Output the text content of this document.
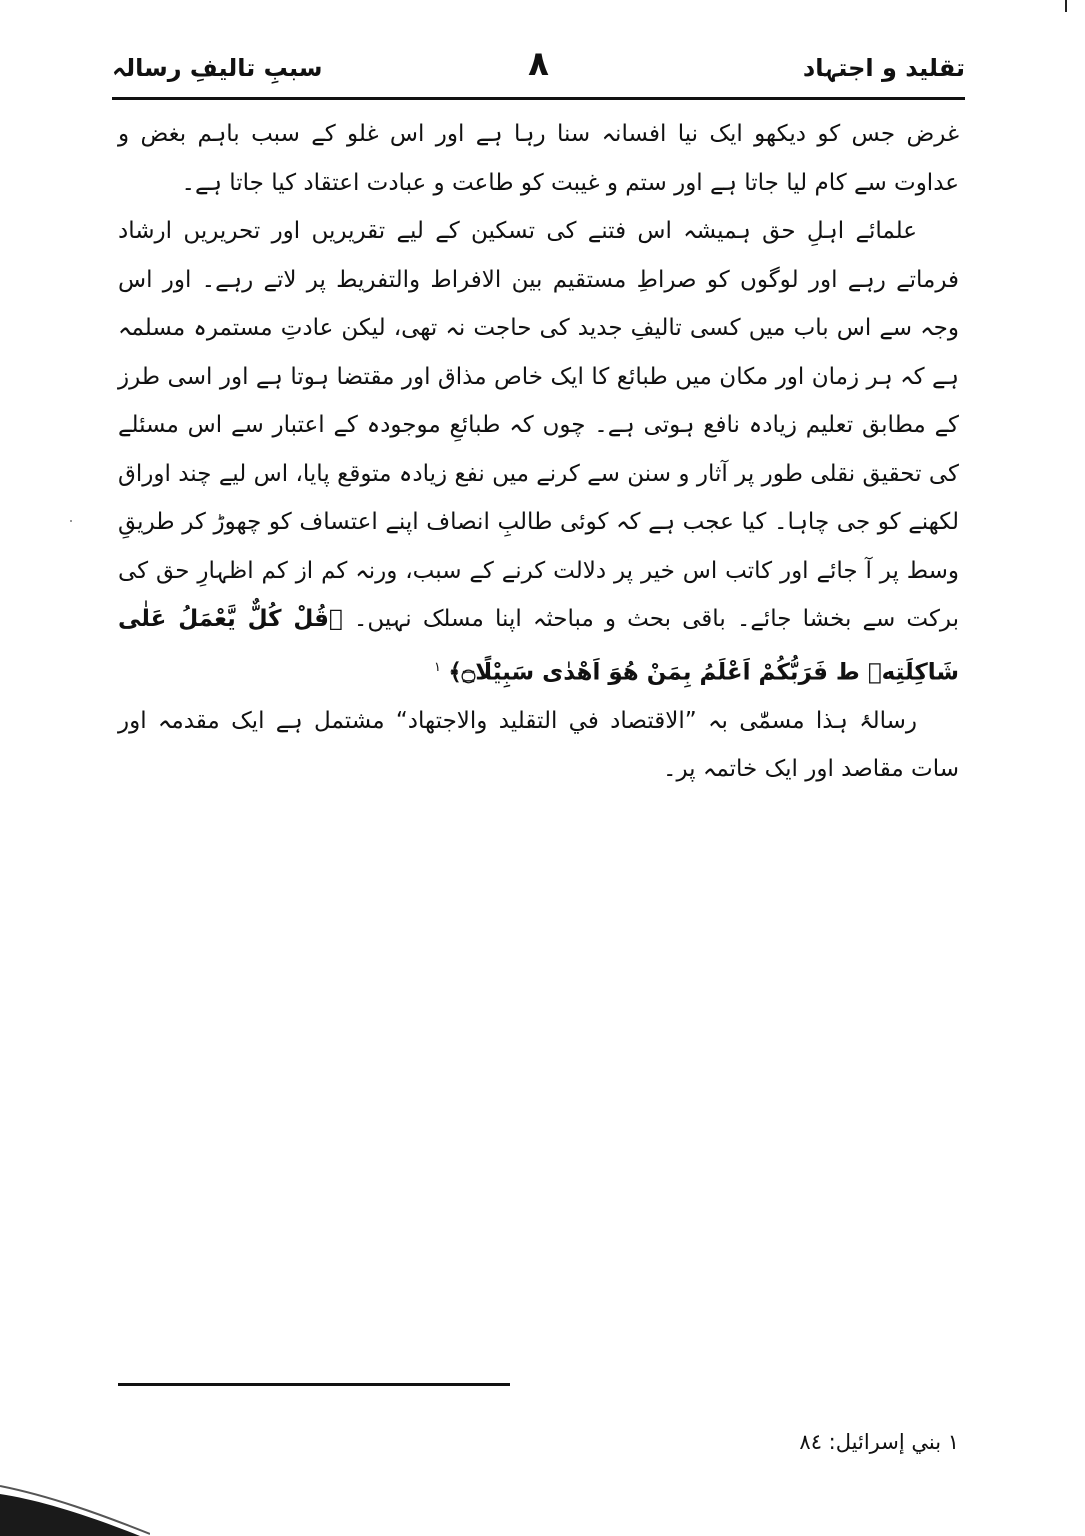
تقلید و اجتہاد
٨
سببِ تالیفِ رسالہ

غرض جس کو دیکھو ایک نیا افسانہ سنا رہا ہے اور اس غلو کے سبب باہم بغض و عداوت سے کام لیا جاتا ہے اور ستم و غیبت کو طاعت و عبادت اعتقاد کیا جاتا ہے۔

علمائے اہلِ حق ہمیشہ اس فتنے کی تسکین کے لیے تقریریں اور تحریریں ارشاد فرماتے رہے اور لوگوں کو صراطِ مستقیم بین الافراط والتفریط پر لاتے رہے۔ اور اس وجہ سے اس باب میں کسی تالیفِ جدید کی حاجت نہ تھی، لیکن عادتِ مستمرہ مسلمہ ہے کہ ہر زمان اور مکان میں طبائع کا ایک خاص مذاق اور مقتضا ہوتا ہے اور اسی طرز کے مطابق تعلیم زیادہ نافع ہوتی ہے۔ چوں کہ طبائعِ موجودہ کے اعتبار سے اس مسئلے کی تحقیق نقلی طور پر آثار و سنن سے کرنے میں نفع زیادہ متوقع پایا، اس لیے چند اوراق لکھنے کو جی چاہا۔ کیا عجب ہے کہ کوئی طالبِ انصاف اپنے اعتساف کو چھوڑ کر طریقِ وسط پر آ جائے اور کاتب اس خیر پر دلالت کرنے کے سبب، ورنہ کم از کم اظہارِ حق کی برکت سے بخشا جائے۔ باقی بحث و مباحثہ اپنا مسلک نہیں۔ ﴿قُلْ كُلٌّ يَّعْمَلُ عَلٰى شَاكِلَتِهٖ ط فَرَبُّكُمْ اَعْلَمُ بِمَنْ هُوَ اَهْدٰى سَبِيْلًا۝﴾ $^۱$

رسالۂ ہذا مسمّٰی بہ ”الاقتصاد في التقليد والاجتهاد“ مشتمل ہے ایک مقدمہ اور سات مقاصد اور ایک خاتمہ پر۔

۱ بني إسرائيل: ٨٤
